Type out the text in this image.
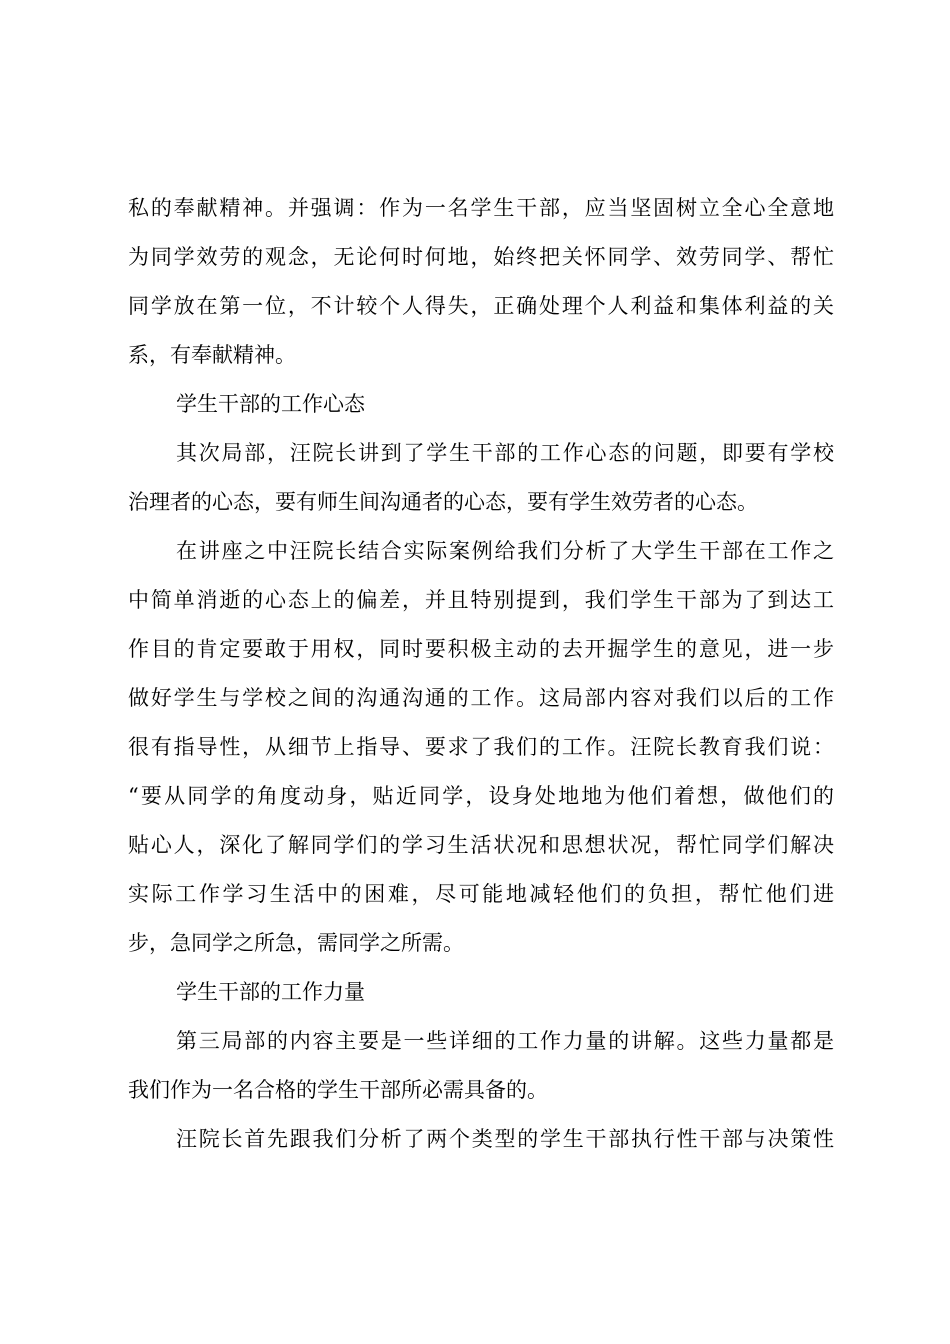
私的奉献精神。并强调：作为一名学生干部，应当坚固树立全心全意地

为同学效劳的观念，无论何时何地，始终把关怀同学、效劳同学、帮忙

同学放在第一位，不计较个人得失，正确处理个人利益和集体利益的关

系，有奉献精神。

学生干部的工作心态

其次局部，汪院长讲到了学生干部的工作心态的问题，即要有学校

治理者的心态，要有师生间沟通者的心态，要有学生效劳者的心态。

在讲座之中汪院长结合实际案例给我们分析了大学生干部在工作之

中简单消逝的心态上的偏差，并且特别提到，我们学生干部为了到达工

作目的肯定要敢于用权，同时要积极主动的去开掘学生的意见，进一步

做好学生与学校之间的沟通沟通的工作。这局部内容对我们以后的工作

很有指导性，从细节上指导、要求了我们的工作。汪院长教育我们说：

“要从同学的角度动身，贴近同学，设身处地地为他们着想，做他们的

贴心人，深化了解同学们的学习生活状况和思想状况，帮忙同学们解决

实际工作学习生活中的困难，尽可能地减轻他们的负担，帮忙他们进

步，急同学之所急，需同学之所需。

学生干部的工作力量

第三局部的内容主要是一些详细的工作力量的讲解。这些力量都是

我们作为一名合格的学生干部所必需具备的。

汪院长首先跟我们分析了两个类型的学生干部执行性干部与决策性
